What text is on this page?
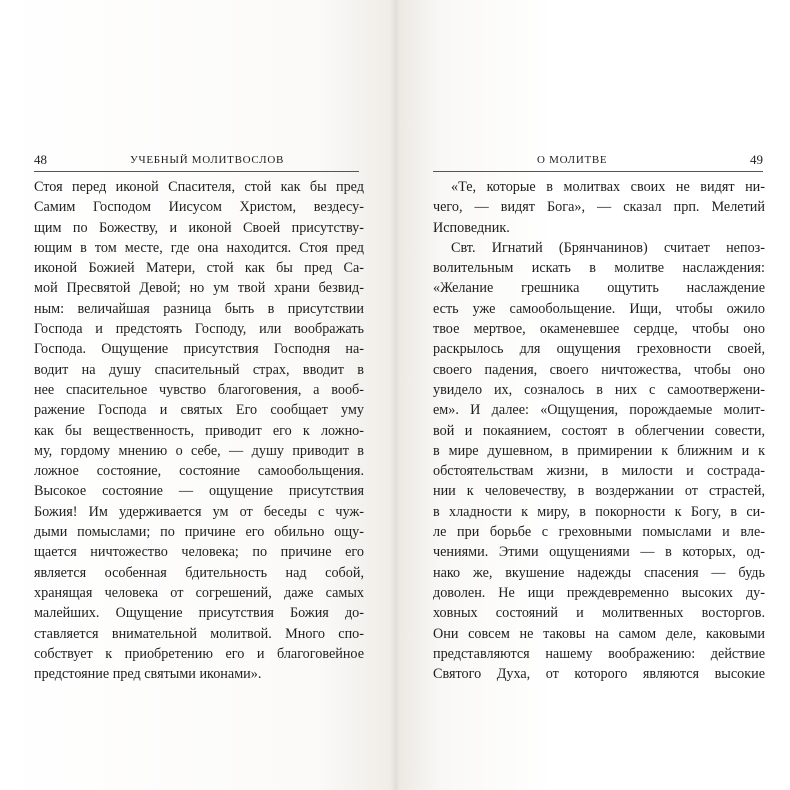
48	УЧЕБНЫЙ МОЛИТВОСЛОВ	О МОЛИТВЕ	49
Стоя перед иконой Спасителя, стой как бы пред
Самим Господом Иисусом Христом, вездесу-
щим по Божеству, и иконой Своей присутству-
ющим в том месте, где она находится. Стоя пред
иконой Божией Матери, стой как бы пред Са-
мой Пресвятой Девой; но ум твой храни безвид-
ным: величайшая разница быть в присутствии
Господа и предстоять Господу, или воображать
Господа. Ощущение присутствия Господня на-
водит на душу спасительный страх, вводит в
нее спасительное чувство благоговения, а вооб-
ражение Господа и святых Его сообщает уму
как бы вещественность, приводит его к ложно-
му, гордому мнению о себе, — душу приводит в
ложное состояние, состояние самообольщения.
Высокое состояние — ощущение присутствия
Божия! Им удерживается ум от беседы с чуж-
дыми помыслами; по причине его обильно ощу-
щается ничтожество человека; по причине его
является особенная бдительность над собой,
хранящая человека от согрешений, даже самых
малейших. Ощущение присутствия Божия до-
ставляется внимательной молитвой. Много спо-
собствует к приобретению его и благоговейное
предстояние пред святыми иконами».
«Те, которые в молитвах своих не видят ни-
чего, — видят Бога», — сказал прп. Мелетий
Исповедник.
Свт. Игнатий (Брянчанинов) считает непоз-
волительным искать в молитве наслаждения:
«Желание грешника ощутить наслаждение
есть уже самообольщение. Ищи, чтобы ожило
твое мертвое, окаменевшее сердце, чтобы оно
раскрылось для ощущения греховности своей,
своего падения, своего ничтожества, чтобы оно
увидело их, созналось в них с самоотвержени-
ем». И далее: «Ощущения, порождаемые молит-
вой и покаянием, состоят в облегчении совести,
в мире душевном, в примирении к ближним и к
обстоятельствам жизни, в милости и сострада-
нии к человечеству, в воздержании от страстей,
в хладности к миру, в покорности к Богу, в си-
ле при борьбе с греховными помыслами и вле-
чениями. Этими ощущениями — в которых, од-
нако же, вкушение надежды спасения — будь
доволен. Не ищи преждевременно высоких ду-
ховных состояний и молитвенных восторгов.
Они совсем не таковы на самом деле, каковыми
представляются нашему воображению: действие
Святого Духа, от которого являются высокие
